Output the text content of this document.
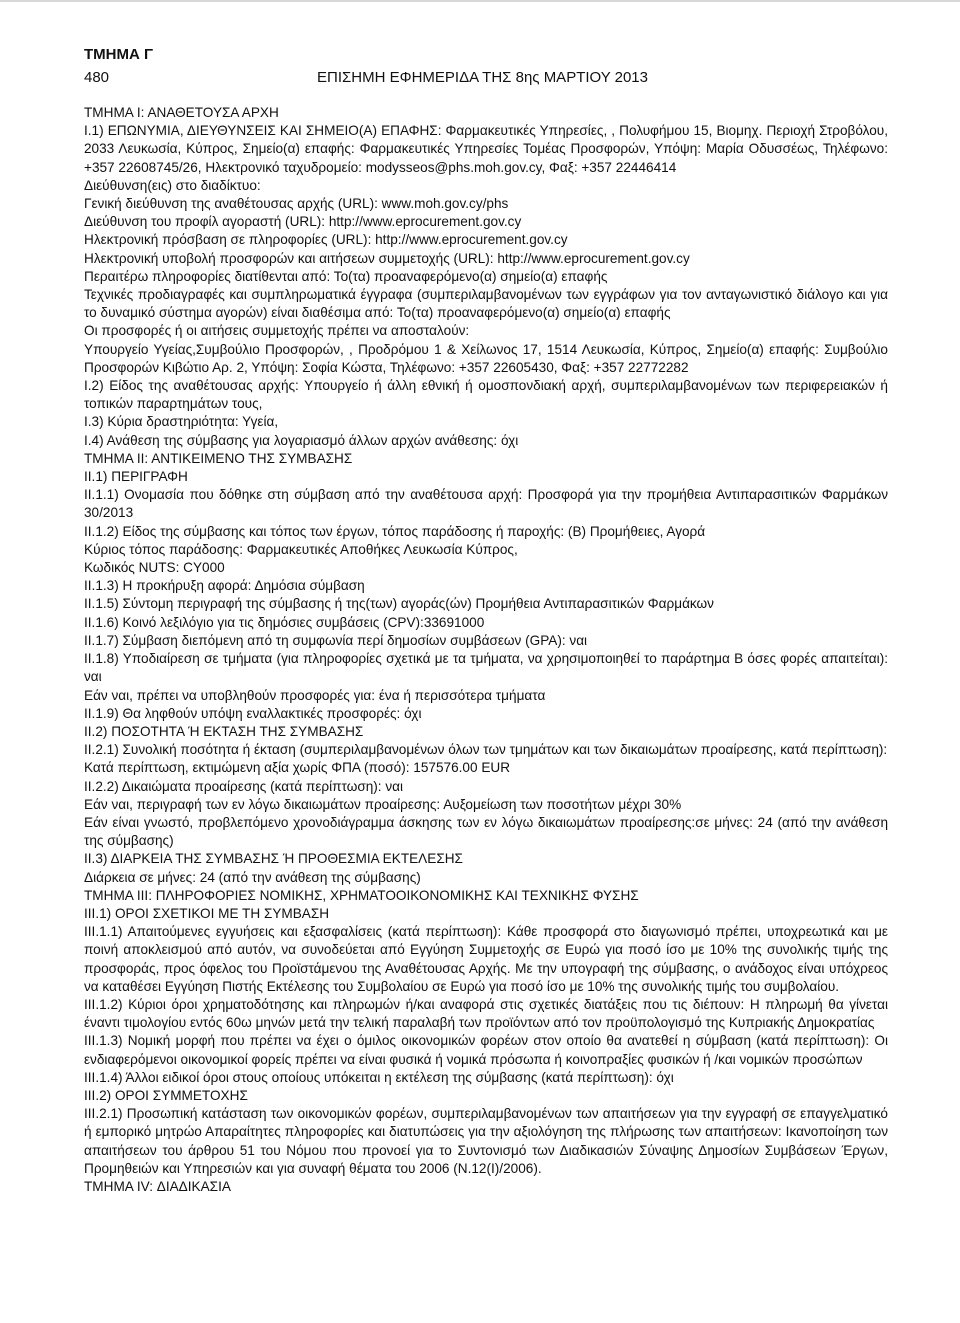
ΤΜΗΜΑ Γ
480	ΕΠΙΣΗΜΗ ΕΦΗΜΕΡΙΔΑ ΤΗΣ 8ης ΜΑΡΤΙΟΥ 2013

ΤΜΗΜΑ Ι: ΑΝΑΘΕΤΟΥΣΑ ΑΡΧΗ

Ι.1) ΕΠΩΝΥΜΙΑ, ΔΙΕΥΘΥΝΣΕΙΣ ΚΑΙ ΣΗΜΕΙΟ(Α) ΕΠΑΦΗΣ: Φαρμακευτικές Υπηρεσίες, , Πολυφήμου 15, Βιομηχ. Περιοχή Στροβόλου, 2033 Λευκωσία, Κύπρος, Σημείο(α) επαφής: Φαρμακευτικές Υπηρεσίες Τομέας Προσφορών, Υπόψη: Μαρία Οδυσσέως, Τηλέφωνο: +357 22608745/26, Ηλεκτρονικό ταχυδρομείο: modysseos@phs.moh.gov.cy, Φαξ: +357 22446414

Διεύθυνση(εις) στο διαδίκτυο:

Γενική διεύθυνση της αναθέτουσας αρχής (URL): www.moh.gov.cy/phs

Διεύθυνση του προφίλ αγοραστή (URL): http://www.eprocurement.gov.cy

Ηλεκτρονική πρόσβαση σε πληροφορίες (URL): http://www.eprocurement.gov.cy

Ηλεκτρονική υποβολή προσφορών και αιτήσεων συμμετοχής (URL): http://www.eprocurement.gov.cy

Περαιτέρω πληροφορίες διατίθενται από: Το(τα) προαναφερόμενο(α) σημείο(α) επαφής

Τεχνικές προδιαγραφές και συμπληρωματικά έγγραφα (συμπεριλαμβανομένων των εγγράφων για τον ανταγωνιστικό διάλογο και για το δυναμικό σύστημα αγορών) είναι διαθέσιμα από: Το(τα) προαναφερόμενο(α) σημείο(α) επαφής

Οι προσφορές ή οι αιτήσεις συμμετοχής πρέπει να αποσταλούν:

Υπουργείο Υγείας,Συμβούλιο Προσφορών, , Προδρόμου 1 & Χείλωνος 17, 1514 Λευκωσία, Κύπρος, Σημείο(α) επαφής: Συμβούλιο Προσφορών Κιβώτιο Αρ. 2, Υπόψη: Σοφία Κώστα, Τηλέφωνο: +357 22605430, Φαξ: +357 22772282

Ι.2) Είδος της αναθέτουσας αρχής: Υπουργείο ή άλλη εθνική ή ομοσπονδιακή αρχή, συμπεριλαμβανομένων των περιφερειακών ή τοπικών παραρτημάτων τους,

Ι.3) Κύρια δραστηριότητα: Υγεία,

Ι.4) Ανάθεση της σύμβασης για λογαριασμό άλλων αρχών ανάθεσης: όχι

ΤΜΗΜΑ ΙΙ: ΑΝΤΙΚΕΙΜΕΝΟ ΤΗΣ ΣΥΜΒΑΣΗΣ

ΙΙ.1) ΠΕΡΙΓΡΑΦΗ

ΙΙ.1.1) Ονομασία που δόθηκε στη σύμβαση από την αναθέτουσα αρχή: Προσφορά για την προμήθεια Αντιπαρασιτικών Φαρμάκων 30/2013

ΙΙ.1.2) Είδος της σύμβασης και τόπος των έργων, τόπος παράδοσης ή παροχής: (Β) Προμήθειες, Αγορά

Κύριος τόπος παράδοσης: Φαρμακευτικές Αποθήκες Λευκωσία Κύπρος,

Κωδικός NUTS: CY000

ΙΙ.1.3) Η προκήρυξη αφορά: Δημόσια σύμβαση

ΙΙ.1.5) Σύντομη περιγραφή της σύμβασης ή της(των) αγοράς(ών) Προμήθεια Αντιπαρασιτικών Φαρμάκων

ΙΙ.1.6) Κοινό λεξιλόγιο για τις δημόσιες συμβάσεις (CPV):33691000

ΙΙ.1.7) Σύμβαση διεπόμενη από τη συμφωνία περί δημοσίων συμβάσεων (GPA): ναι

ΙΙ.1.8) Υποδιαίρεση σε τμήματα (για πληροφορίες σχετικά με τα τμήματα, να χρησιμοποιηθεί το παράρτημα Β όσες φορές απαιτείται): ναι

Εάν ναι, πρέπει να υποβληθούν προσφορές για: ένα ή περισσότερα τμήματα

ΙΙ.1.9) Θα ληφθούν υπόψη εναλλακτικές προσφορές: όχι

ΙΙ.2) ΠΟΣΟΤΗΤΑ Ή ΕΚΤΑΣΗ ΤΗΣ ΣΥΜΒΑΣΗΣ

ΙΙ.2.1) Συνολική ποσότητα ή έκταση (συμπεριλαμβανομένων όλων των τμημάτων και των δικαιωμάτων προαίρεσης, κατά περίπτωση):

Κατά περίπτωση, εκτιμώμενη αξία χωρίς ΦΠΑ (ποσό): 157576.00 EUR

ΙΙ.2.2) Δικαιώματα προαίρεσης (κατά περίπτωση): ναι

Εάν ναι, περιγραφή των εν λόγω δικαιωμάτων προαίρεσης: Αυξομείωση των ποσοτήτων μέχρι 30%

Εάν είναι γνωστό, προβλεπόμενο χρονοδιάγραμμα άσκησης των εν λόγω δικαιωμάτων προαίρεσης:σε μήνες: 24 (από την ανάθεση της σύμβασης)

ΙΙ.3) ΔΙΑΡΚΕΙΑ ΤΗΣ ΣΥΜΒΑΣΗΣ Ή ΠΡΟΘΕΣΜΙΑ ΕΚΤΕΛΕΣΗΣ

Διάρκεια σε μήνες: 24 (από την ανάθεση της σύμβασης)

ΤΜΗΜΑ ΙΙΙ: ΠΛΗΡΟΦΟΡΙΕΣ ΝΟΜΙΚΗΣ, ΧΡΗΜΑΤΟΟΙΚΟΝΟΜΙΚΗΣ ΚΑΙ ΤΕΧΝΙΚΗΣ ΦΥΣΗΣ

ΙΙΙ.1) ΟΡΟΙ ΣΧΕΤΙΚΟΙ ΜΕ ΤΗ ΣΥΜΒΑΣΗ

ΙΙΙ.1.1) Απαιτούμενες εγγυήσεις και εξασφαλίσεις (κατά περίπτωση): Κάθε προσφορά στο διαγωνισμό πρέπει, υποχρεωτικά και με ποινή αποκλεισμού από αυτόν, να συνοδεύεται από Εγγύηση Συμμετοχής σε Ευρώ για ποσό ίσο με 10% της συνολικής τιμής της προσφοράς, προς όφελος του Προϊστάμενου της Αναθέτουσας Αρχής. Με την υπογραφή της σύμβασης, ο ανάδοχος είναι υπόχρεος να καταθέσει Εγγύηση Πιστής Εκτέλεσης του Συμβολαίου σε Ευρώ για ποσό ίσο με 10% της συνολικής τιμής του συμβολαίου.

ΙΙΙ.1.2) Κύριοι όροι χρηματοδότησης και πληρωμών ή/και αναφορά στις σχετικές διατάξεις που τις διέπουν: Η πληρωμή θα γίνεται έναντι τιμολογίου εντός 60ω μηνών μετά την τελική παραλαβή των προϊόντων από τον προϋπολογισμό της Κυπριακής Δημοκρατίας

ΙΙΙ.1.3) Νομική μορφή που πρέπει να έχει ο όμιλος οικονομικών φορέων στον οποίο θα ανατεθεί η σύμβαση (κατά περίπτωση): Οι ενδιαφερόμενοι οικονομικοί φορείς πρέπει να είναι φυσικά ή νομικά πρόσωπα ή κοινοπραξίες φυσικών ή /και νομικών προσώπων

ΙΙΙ.1.4) Άλλοι ειδικοί όροι στους οποίους υπόκειται η εκτέλεση της σύμβασης (κατά περίπτωση): όχι

ΙΙΙ.2) ΟΡΟΙ ΣΥΜΜΕΤΟΧΗΣ

ΙΙΙ.2.1) Προσωπική κατάσταση των οικονομικών φορέων, συμπεριλαμβανομένων των απαιτήσεων για την εγγραφή σε επαγγελματικό ή εμπορικό μητρώο Απαραίτητες πληροφορίες και διατυπώσεις για την αξιολόγηση της πλήρωσης των απαιτήσεων: Ικανοποίηση των απαιτήσεων του άρθρου 51 του Νόμου που προνοεί για το Συντονισμό των Διαδικασιών Σύναψης Δημοσίων Συμβάσεων Έργων, Προμηθειών και Υπηρεσιών και για συναφή θέματα του 2006 (Ν.12(Ι)/2006).

ΤΜΗΜΑ ΙV: ΔΙΑΔΙΚΑΣΙΑ
